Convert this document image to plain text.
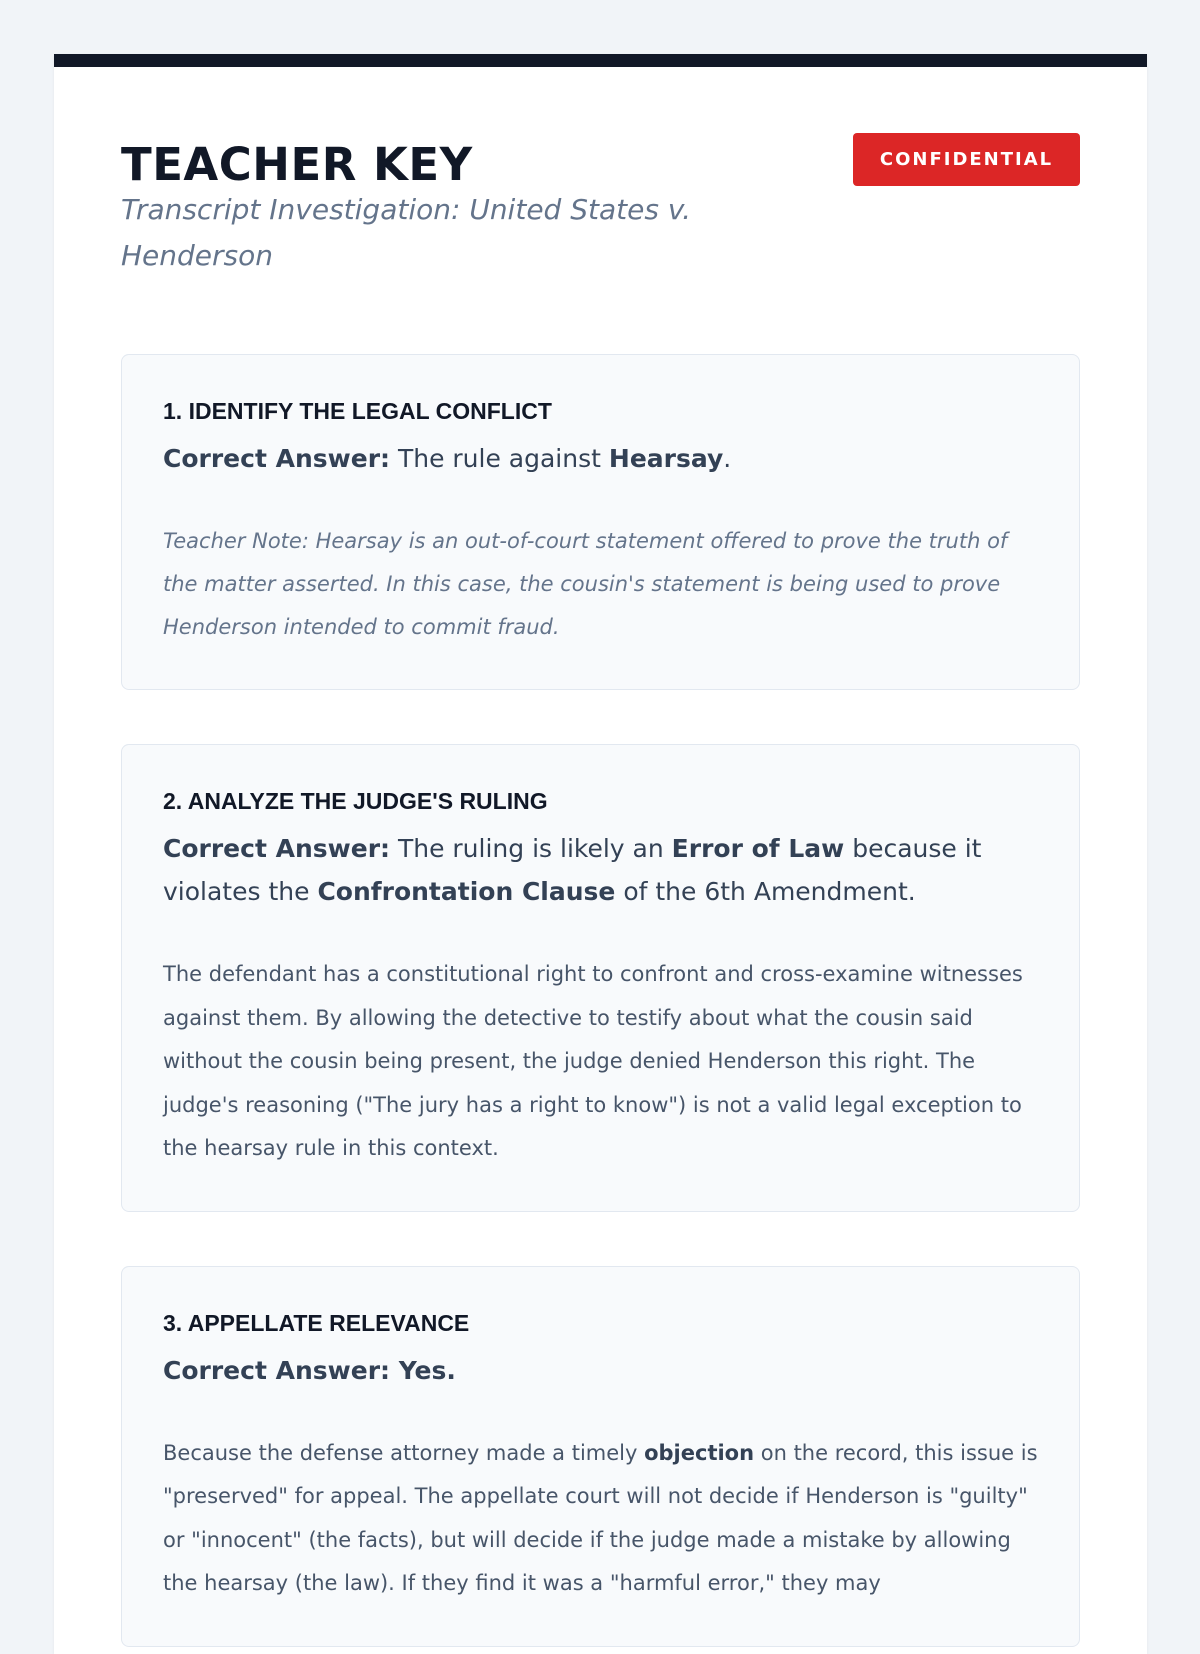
TEACHER KEY
Transcript Investigation: United States v. Henderson
CONFIDENTIAL
1. IDENTIFY THE LEGAL CONFLICT
Correct Answer: The rule against Hearsay.
Teacher Note: Hearsay is an out-of-court statement offered to prove the truth of the matter asserted. In this case, the cousin's statement is being used to prove Henderson intended to commit fraud.
2. ANALYZE THE JUDGE'S RULING
Correct Answer: The ruling is likely an Error of Law because it violates the Confrontation Clause of the 6th Amendment.
The defendant has a constitutional right to confront and cross-examine witnesses against them. By allowing the detective to testify about what the cousin said without the cousin being present, the judge denied Henderson this right. The judge's reasoning ("The jury has a right to know") is not a valid legal exception to the hearsay rule in this context.
3. APPELLATE RELEVANCE
Correct Answer: Yes.
Because the defense attorney made a timely objection on the record, this issue is "preserved" for appeal. The appellate court will not decide if Henderson is "guilty" or "innocent" (the facts), but will decide if the judge made a mistake by allowing the hearsay (the law). If they find it was a "harmful error," they may
